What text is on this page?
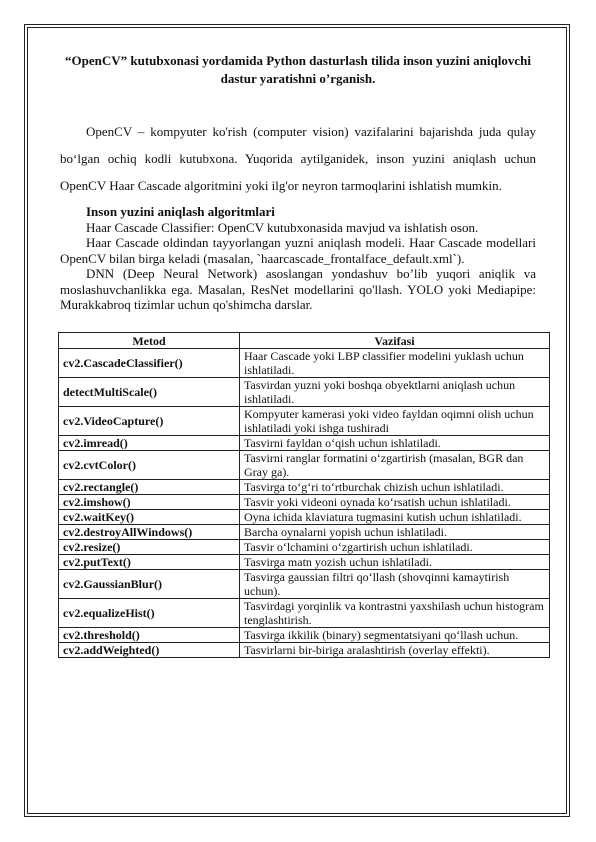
“OpenCV” kutubxonasi yordamida Python dasturlash tilida inson yuzini aniqlovchi dastur yaratishni o’rganish.

OpenCV – kompyuter ko'rish (computer vision) vazifalarini bajarishda juda qulay bo‘lgan ochiq kodli kutubxona. Yuqorida aytilganidek, inson yuzini aniqlash uchun OpenCV Haar Cascade algoritmini yoki ilg'or neyron tarmoqlarini ishlatish mumkin.

Inson yuzini aniqlash algoritmlari

Haar Cascade Classifier: OpenCV kutubxonasida mavjud va ishlatish oson.

Haar Cascade oldindan tayyorlangan yuzni aniqlash modeli. Haar Cascade modellari OpenCV bilan birga keladi (masalan, `haarcascade_frontalface_default.xml`).

DNN (Deep Neural Network) asoslangan yondashuv bo’lib yuqori aniqlik va moslashuvchanlikka ega. Masalan, ResNet modellarini qo'llash. YOLO yoki Mediapipe: Murakkabroq tizimlar uchun qo'shimcha darslar.

Metod	Vazifasi
cv2.CascadeClassifier()	Haar Cascade yoki LBP classifier modelini yuklash uchun ishlatiladi.
detectMultiScale()	Tasvirdan yuzni yoki boshqa obyektlarni aniqlash uchun ishlatiladi.
cv2.VideoCapture()	Kompyuter kamerasi yoki video fayldan oqimni olish uchun ishlatiladi yoki ishga tushiradi
cv2.imread()	Tasvirni fayldan o‘qish uchun ishlatiladi.
cv2.cvtColor()	Tasvirni ranglar formatini o‘zgartirish (masalan, BGR dan Gray ga).
cv2.rectangle()	Tasvirga to‘g‘ri to‘rtburchak chizish uchun ishlatiladi.
cv2.imshow()	Tasvir yoki videoni oynada ko‘rsatish uchun ishlatiladi.
cv2.waitKey()	Oyna ichida klaviatura tugmasini kutish uchun ishlatiladi.
cv2.destroyAllWindows()	Barcha oynalarni yopish uchun ishlatiladi.
cv2.resize()	Tasvir o‘lchamini o‘zgartirish uchun ishlatiladi.
cv2.putText()	Tasvirga matn yozish uchun ishlatiladi.
cv2.GaussianBlur()	Tasvirga gaussian filtri qo‘llash (shovqinni kamaytirish uchun).
cv2.equalizeHist()	Tasvirdagi yorqinlik va kontrastni yaxshilash uchun histogram tenglashtirish.
cv2.threshold()	Tasvirga ikkilik (binary) segmentatsiyani qo‘llash uchun.
cv2.addWeighted()	Tasvirlarni bir-biriga aralashtirish (overlay effekti).
